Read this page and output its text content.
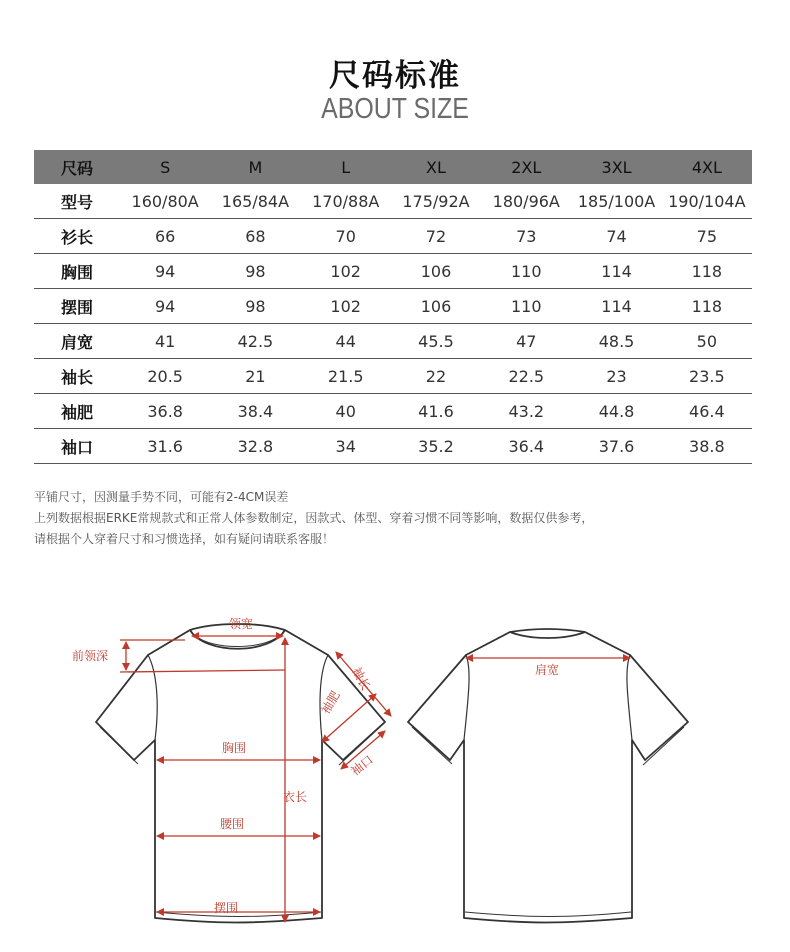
尺码标准
ABOUT SIZE
尺码	S	M	L	XL	2XL	3XL	4XL
型号	160/80A	165/84A	170/88A	175/92A	180/96A	185/100A	190/104A
衫长	66	68	70	72	73	74	75
胸围	94	98	102	106	110	114	118
摆围	94	98	102	106	110	114	118
肩宽	41	42.5	44	45.5	47	48.5	50
袖长	20.5	21	21.5	22	22.5	23	23.5
袖肥	36.8	38.4	40	41.6	43.2	44.8	46.4
袖口	31.6	32.8	34	35.2	36.4	37.6	38.8
平铺尺寸，因测量手势不同，可能有2-4CM误差
上列数据根据ERKE常规款式和正常人体参数制定，因款式、体型、穿着习惯不同等影响，数据仅供参考，
请根据个人穿着尺寸和习惯选择，如有疑问请联系客服！
领宽
前领深
袖长
袖肥
袖口
胸围
衣长
腰围
摆围
肩宽
